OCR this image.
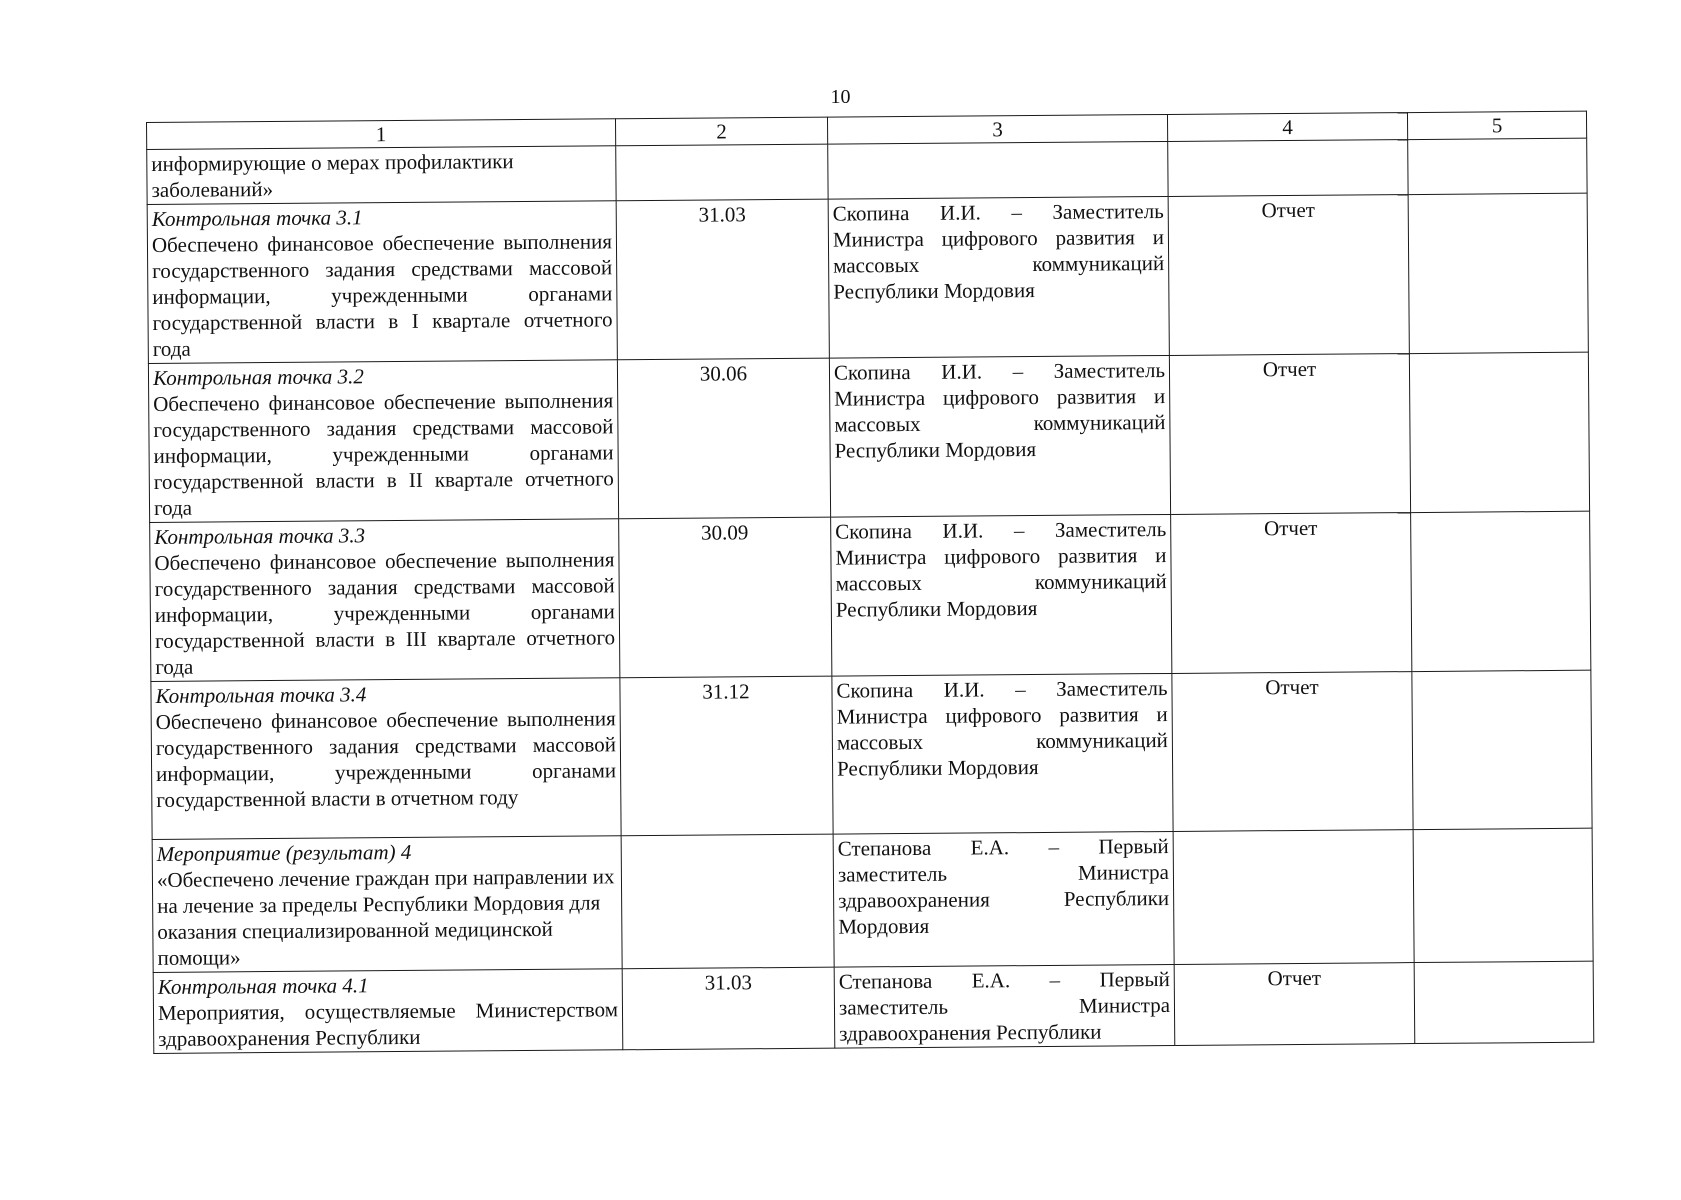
10
1	2	3	4	5
информирующие о мерах профилактики заболеваний»				

Контрольная точка 3.1
Обеспечено финансовое обеспечение выполнения государственного задания средствами массовой информации, учрежденными органами государственной власти в I квартале отчетного года	31.03	Скопина И.И. – Заместитель Министра цифрового развития и массовых коммуникаций Республики Мордовия	Отчет	

Контрольная точка 3.2
Обеспечено финансовое обеспечение выполнения государственного задания средствами массовой информации, учрежденными органами государственной власти в II квартале отчетного года	30.06	Скопина И.И. – Заместитель Министра цифрового развития и массовых коммуникаций Республики Мордовия	Отчет	

Контрольная точка 3.3
Обеспечено финансовое обеспечение выполнения государственного задания средствами массовой информации, учрежденными органами государственной власти в III квартале отчетного года	30.09	Скопина И.И. – Заместитель Министра цифрового развития и массовых коммуникаций Республики Мордовия	Отчет	

Контрольная точка 3.4
Обеспечено финансовое обеспечение выполнения государственного задания средствами массовой информации, учрежденными органами государственной власти в отчетном году	31.12	Скопина И.И. – Заместитель Министра цифрового развития и массовых коммуникаций Республики Мордовия	Отчет	

Мероприятие (результат) 4
«Обеспечено лечение граждан при направлении их на лечение за пределы Республики Мордовия для оказания специализированной медицинской помощи»		Степанова Е.А. – Первый заместитель Министра здравоохранения Республики Мордовия		

Контрольная точка 4.1
Мероприятия, осуществляемые Министерством здравоохранения Республики	31.03	Степанова Е.А. – Первый заместитель Министра здравоохранения Республики	Отчет	
